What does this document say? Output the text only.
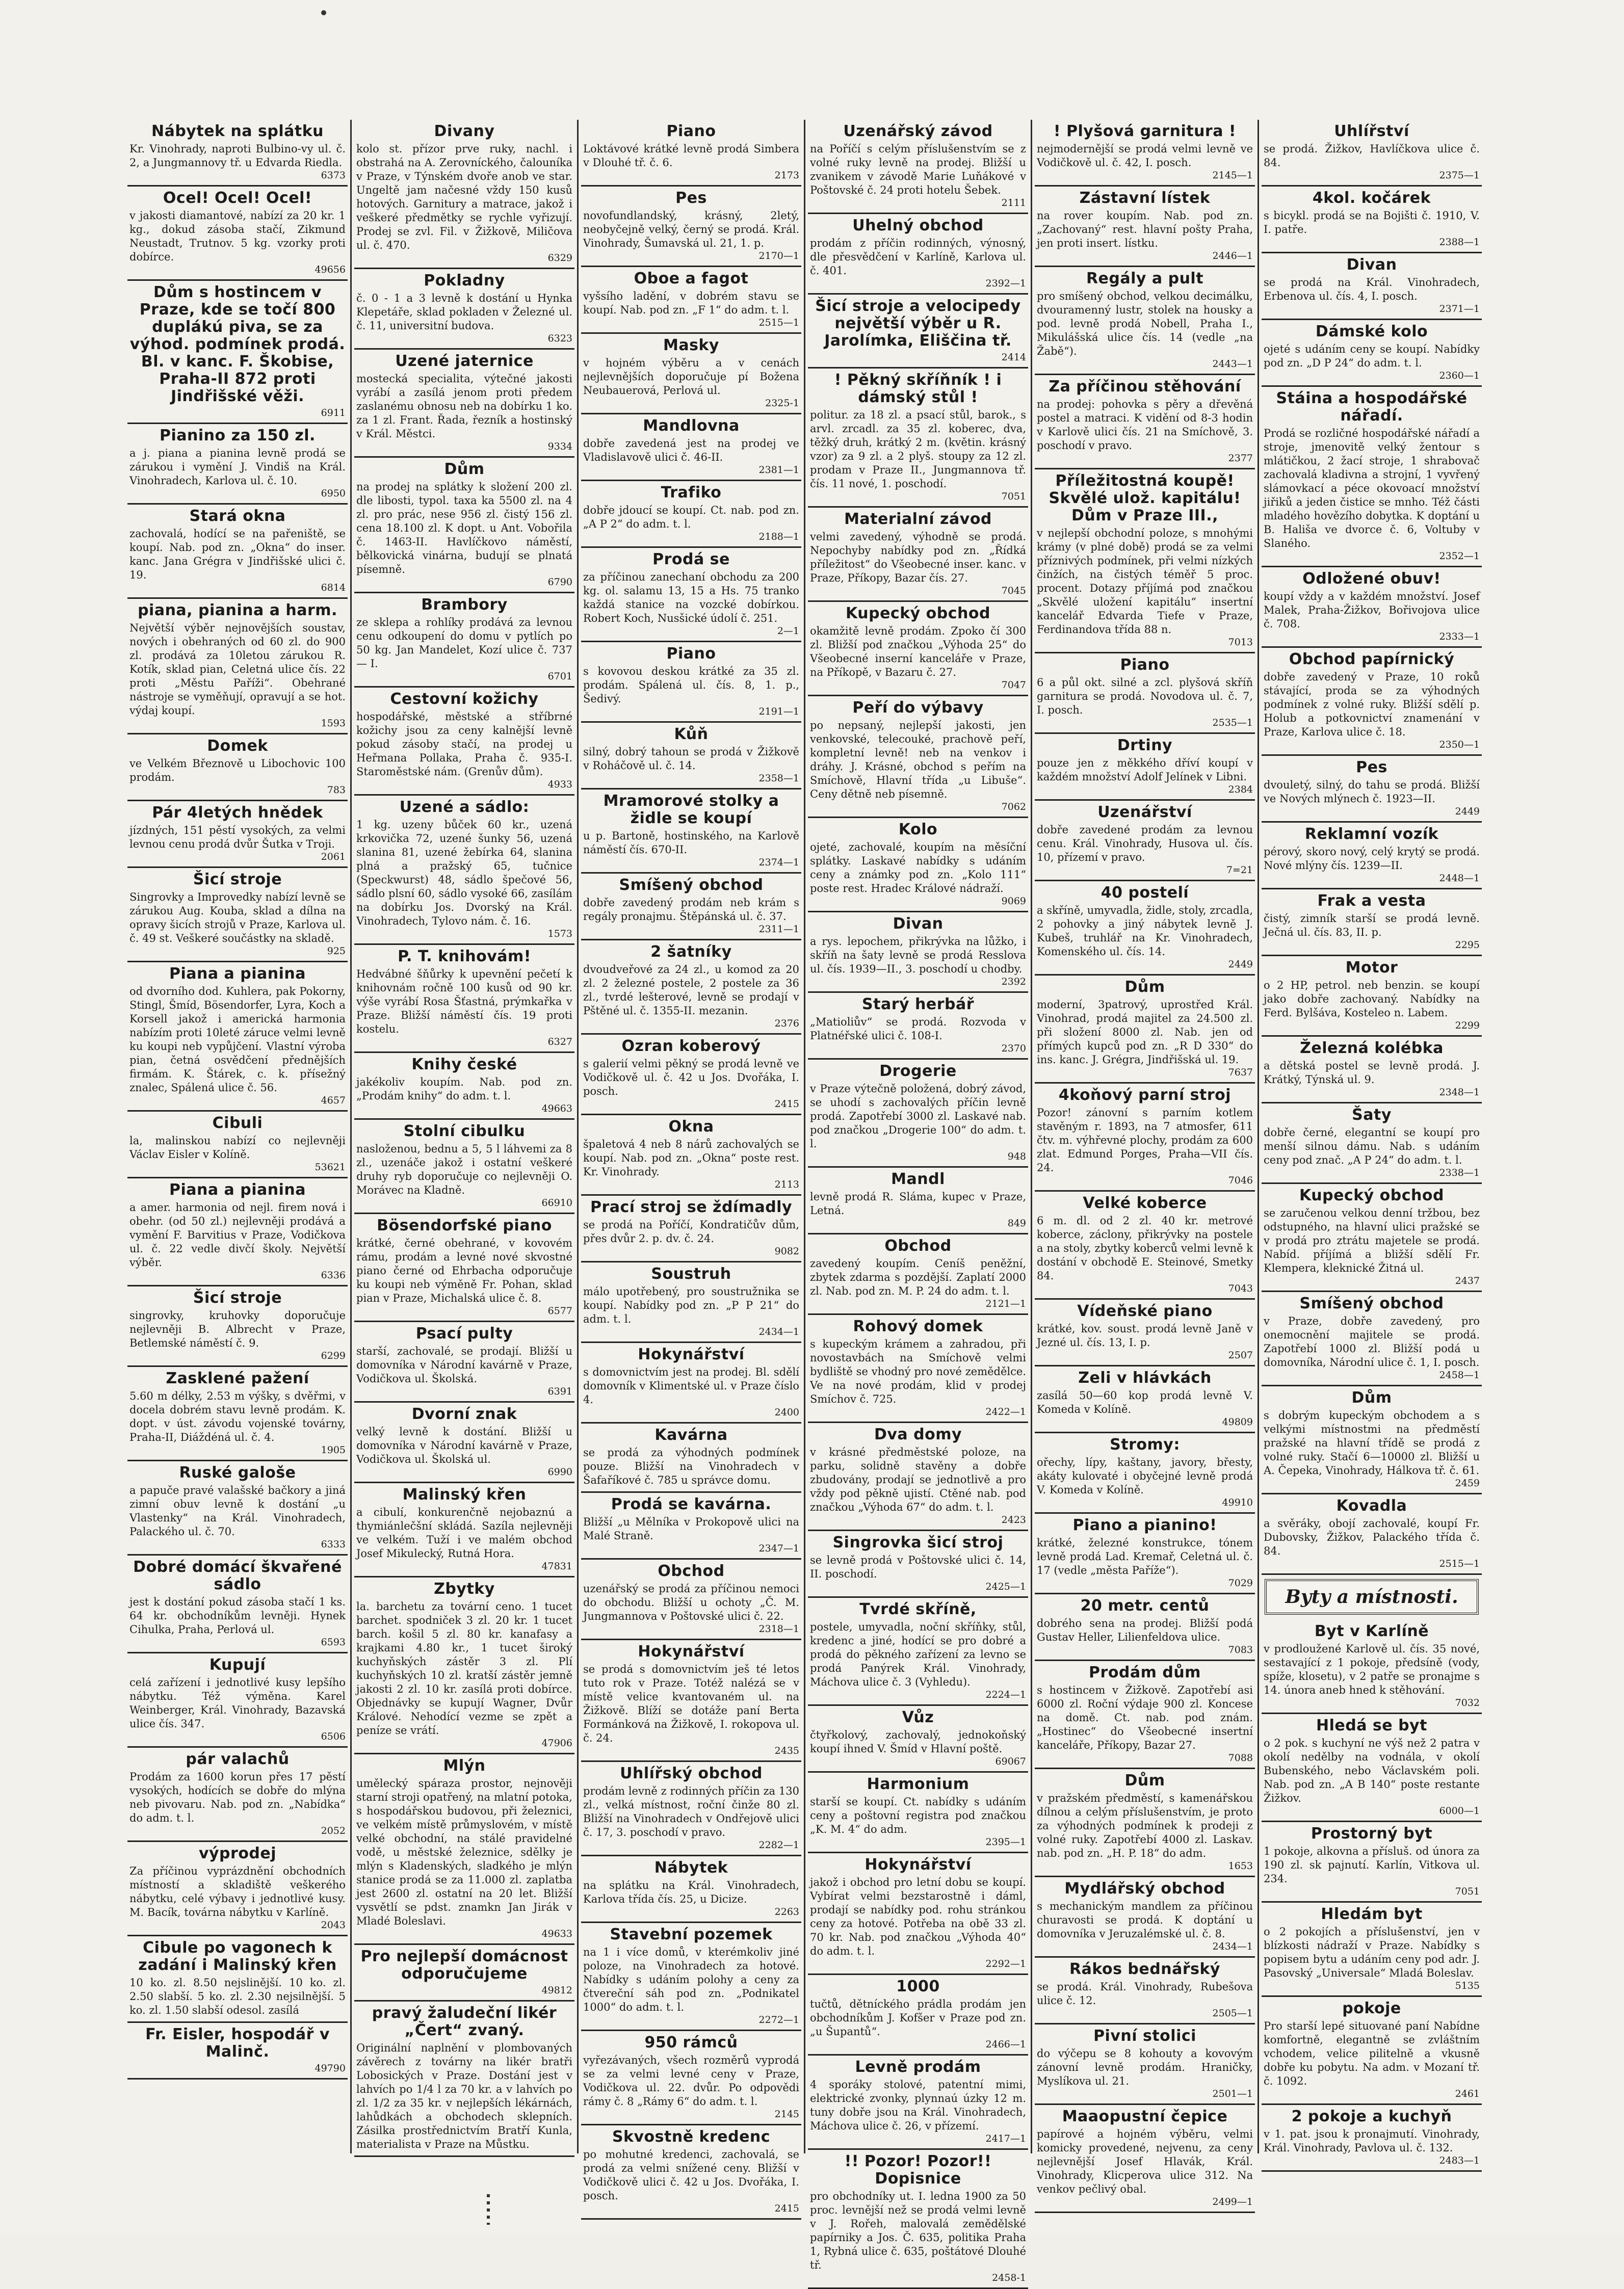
Nábytek na splátku

Kr. Vinohrady, naproti Bulbino-vy ul. č. 2, a Jungmannovy tř. u Edvarda Riedla.

6373
Ocel! Ocel! Ocel!

v jakosti diamantové, nabízí za 20 kr. 1 kg., dokud zásoba stačí, Zikmund Neustadt, Trutnov. 5 kg. vzorky proti dobírce.

49656
Dům s hostincem v Praze, kde se točí 800 duplákú piva, se za výhod. podmínek prodá. Bl. v kanc. F. Škobise, Praha-II 872 proti Jindřišské věži.
6911
Pianino za 150 zl.

a j. piana a pianina levně prodá se zárukou i vymění J. Vindiš na Král. Vinohradech, Karlova ul. č. 10.

6950
Stará okna

zachovalá, hodící se na pařeniště, se koupí. Nab. pod zn. „Okna“ do inser. kanc. Jana Grégra v Jindřišské ulici č. 19.

6814
piana, pianina a harm.

Největší výběr nejnovějších soustav, nových i obehraných od 60 zl. do 900 zl. prodává za 10letou zárukou R. Kotík, sklad pian, Celetná ulice čís. 22 proti „Městu Paříži“. Obehrané nástroje se vyměňují, opravují a se hot. výdaj koupí.

1593
Domek

ve Velkém Březnově u Libochovic 100 prodám.

783
Pár 4letých hnědek

jízdných, 151 pěstí vysokých, za velmi levnou cenu prodá dvůr Šutka v Troji.

2061
Šicí stroje

Singrovky a Improvedky nabízí levně se zárukou Aug. Kouba, sklad a dílna na opravy šicích strojů v Praze, Karlova ul. č. 49 st. Veškeré součástky na skladě.

925
Piana a pianina

od dvorního dod. Kuhlera, pak Pokorny, Stingl, Šmíd, Bösendorfer, Lyra, Koch a Korsell jakož i americká harmonia nabízím proti 10leté záruce velmi levně ku koupi neb vypůjčení. Vlastní výroba pian, četná osvědčení přednějších firmám. K. Štárek, c. k. přísežný znalec, Spálená ulice č. 56.

4657
Cibuli

la, malinskou nabízí co nejlevněji Václav Eisler v Kolíně.

53621
Piana a pianina

a amer. harmonia od nejl. firem nová i obehr. (od 50 zl.) nejlevněji prodává a vymění F. Barvitius v Praze, Vodičkova ul. č. 22 vedle divčí školy. Největší výběr.

6336
Šicí stroje

singrovky, kruhovky doporučuje nejlevněji B. Albrecht v Praze, Betlemské náměstí č. 9.

6299
Zasklené pažení

5.60 m délky, 2.53 m výšky, s dvěřmi, v docela dobrém stavu levně prodám. K. dopt. v úst. závodu vojenské továrny, Praha-II, Diáždéná ul. č. 4.

1905
Ruské galoše

a papuče pravé valašské bačkory a jiná zimní obuv levně k dostání „u Vlastenky“ na Král. Vinohradech, Palackého ul. č. 70.

6333
Dobré domácí škvařené sádlo

jest k dostání pokud zásoba stačí 1 ks. 64 kr. obchodníkům levněji. Hynek Cihulka, Praha, Perlová ul.

6593
Kupují

celá zařízení i jednotlivé kusy lepšího nábytku. Též výměna. Karel Weinberger, Král. Vinohrady, Bazavská ulice čís. 347.

6506
pár valachů

Prodám za 1600 korun přes 17 pěstí vysokých, hodících se dobře do mlýna neb pivovaru. Nab. pod zn. „Nabídka“ do adm. t. l.

2052
výprodej

Za příčinou vyprázdnění obchodních místností a skladiště veškerého nábytku, celé výbavy i jednotlivé kusy. M. Bacík, továrna nábytku v Karlíně.

2043
Cibule po vagonech k zadání i Malinský křen

10 ko. zl. 8.50 nejslinější. 10 ko. zl. 2.50 slabší. 5 ko. zl. 2.30 nejsilnější. 5 ko. zl. 1.50 slabší odesol. zasílá

Fr. Eisler, hospodář v Malinč.
49790
Divany

kolo st. přízor prve ruky, nachl. i obstrahá na A. Zerovníckého, čalouníka v Praze, v Týnském dvoře anob ve star. Ungeltě jam načesné vždy 150 kusů hotových. Garnitury a matrace, jakož i veškeré předmětky se rychle vyřizují. Prodej se zvl. Fil. v Žižkově, Miličova ul. č. 470.

6329
Pokladny

č. 0 - 1 a 3 levně k dostání u Hynka Klepetáře, sklad pokladen v Železné ul. č. 11, universitní budova.

6323
Uzené jaternice

mostecká specialita, výtečné jakosti vyrábí a zasílá jenom proti předem zaslanému obnosu neb na dobírku 1 ko. za 1 zl. Frant. Řada, řezník a hostinský v Král. Městci.

9334
Dům

na prodej na splátky k složení 200 zl. dle libosti, typol. taxa ka 5500 zl. na 4 zl. pro prác, nese 956 zl. čistý 156 zl. cena 18.100 zl. K dopt. u Ant. Vobořila č. 1463-II. Havlíčkovo náměstí, bělkovická vinárna, budují se plnatá písemně.

6790
Brambory

ze sklepa a rohlíky prodává za levnou cenu odkoupení do domu v pytlích po 50 kg. Jan Mandelet, Kozí ulice č. 737 — I.

6701
Cestovní kožichy

hospodářské, městské a stříbrné kožichy jsou za ceny kalnější levně pokud zásoby stačí, na prodej u Heřmana Pollaka, Praha č. 935-I. Staroměstské nám. (Grenův dům).

4933
Uzené a sádlo:

1 kg. uzeny bůček 60 kr., uzená krkovička 72, uzené šunky 56, uzená slanina 81, uzené žebírka 64, slanina plná a pražský 65, tučnice (Speckwurst) 48, sádlo špečové 56, sádlo plsní 60, sádlo vysoké 66, zasílám na dobírku Jos. Dvorský na Král. Vinohradech, Tylovo nám. č. 16.

1573
P. T. knihovám!

Hedvábné šňůrky k upevnění pečetí k knihovnám ročně 100 kusů od 90 kr. výše vyrábí Rosa Šťastná, prýmkařka v Praze. Bližší náměstí čís. 19 proti kostelu.

6327
Knihy české

jakékoliv koupím. Nab. pod zn. „Prodám knihy“ do adm. t. l.

49663
Stolní cibulku

nasloženou, bednu a 5, 5 l láhvemi za 8 zl., uzenáče jakož i ostatní veškeré druhy ryb doporučuje co nejlevněji O. Morávec na Kladně.

66910
Bösendorfské piano

krátké, černé obehrané, v kovovém rámu, prodám a levné nové skvostné piano černé od Ehrbacha odporučuje ku koupi neb výměně Fr. Pohan, sklad pian v Praze, Michalská ulice č. 8.

6577
Psací pulty

starší, zachovalé, se prodají. Bližší u domovníka v Národní kavárně v Praze, Vodičkova ul. Školská.

6391
Dvorní znak

velký levně k dostání. Bližší u domovníka v Národní kavárně v Praze, Vodičkova ul. Školská ul.

6990
Malinský křen

a cibulí, konkurenčně nejobaznú a thymiánlečšní skládá. Sazíla nejlevněji ve velkém. Tuží i ve malém obchod Josef Mikulecký, Rutná Hora.

47831
Zbytky

la. barchetu za tovární ceno. 1 tucet barchet. spodniček 3 zl. 20 kr. 1 tucet barch. košil 5 zl. 80 kr. kanafasy a krajkami 4.80 kr., 1 tucet široký kuchyňských zástěr 3 zl. Plí kuchyňských 10 zl. kratší zástěr jemně jakosti 2 zl. 10 kr. zasílá proti dobírce. Objednávky se kupují Wagner, Dvůr Králové. Nehodící vezme se zpět a peníze se vrátí.

47906
Mlýn

umělecký spáraza prostor, nejnověji starní stroji opatřený, na mlatní potoka, s hospodářskou budovou, při železnici, ve velkém místě průmyslovém, v místě velké obchodní, na stálé pravidelné vodě, u městské železnice, sdělky je mlýn s Kladenských, sladkého je mlýn stanice prodá se za 11.000 zl. zaplatba jest 2600 zl. ostatní na 20 let. Bližší vysvětlí se pdst. znamkn Jan Jirák v Mladé Boleslavi.

49633
Pro nejlepší domácnost odporučujeme
49812
pravý žaludeční likér „Čert“ zvaný.

Originální naplnění v plombovaných závěrech z továrny na likér bratři Lobosických v Praze. Dostání jest v lahvích po 1/4 l za 70 kr. a v lahvích po zl. 1/2 za 35 kr. v nejlepších lékárnách, lahůdkách a obchodech sklepních. Zásilka prostřednictvím Bratří Kunla, materialista v Praze na Můstku.

Piano

Loktávové krátké levně prodá Simbera v Dlouhé tř. č. 6.

2173
Pes

novofundlandský, krásný, 2letý, neobyčejně velký, černý se prodá. Král. Vinohrady, Šumavská ul. 21, 1. p.

2170—1
Oboe a fagot

vyšsího ladění, v dobrém stavu se koupí. Nab. pod zn. „F 1“ do adm. t. l.

2515—1
Masky

v hojném výběru a v cenách nejlevnějších doporučuje pí Božena Neubauerová, Perlová ul.

2325-1
Mandlovna

dobře zavedená jest na prodej ve Vladislavově ulici č. 46-II.

2381—1
Trafiko

dobře jdoucí se koupí. Ct. nab. pod zn. „A P 2“ do adm. t. l.

2188—1
Prodá se

za příčinou zanechaní obchodu za 200 kg. ol. salamu 13, 15 a Hs. 75 tranko každá stanice na vozcké dobírkou. Robert Koch, Nusšické údolí č. 251.

2—1
Piano

s kovovou deskou krátké za 35 zl. prodám. Spálená ul. čís. 8, 1. p., Šedivý.

2191—1
Kůň

silný, dobrý tahoun se prodá v Žižkově v Roháčově ul. č. 14.

2358—1
Mramorové stolky a židle se koupí

u p. Bartoně, hostinského, na Karlově náměstí čís. 670-II.

2374—1
Smíšený obchod

dobře zavedený prodám neb krám s regály pronajmu. Štěpánská ul. č. 37.

2311—1
2 šatníky

dvoudveřové za 24 zl., u komod za 20 zl. 2 železné postele, 2 postele za 36 zl., tvrdé lešterové, levně se prodají v Pštěné ul. č. 1355-II. mezanin.

2376
Ozran koberový

s galerií velmi pěkný se prodá levně ve Vodičkově ul. č. 42 u Jos. Dvořáka, I. posch.

2415
Okna

špaletová 4 neb 8 nárů zachovalých se koupí. Nab. pod zn. „Okna“ poste rest. Kr. Vinohrady.

2113
Prací stroj se ždímadly

se prodá na Poříčí, Kondratičův dům, přes dvůr 2. p. dv. č. 24.

9082
Soustruh

málo upotřebený, pro soustružnika se koupí. Nabídky pod zn. „P P 21“ do adm. t. l.

2434—1
Hokynářství

s domovnictvím jest na prodej. Bl. sdělí domovník v Klimentské ul. v Praze číslo 4.

2400
Kavárna

se prodá za výhodných podmínek pouze. Bližší na Vinohradech v Šafaříkové č. 785 u správce domu.

Prodá se kavárna.

Bližší „u Mělníka v Prokopově ulici na Malé Straně.

2347—1
Obchod

uzenářský se prodá za příčinou nemoci do obchodu. Bližší u ochoty „Č. M. Jungmannova v Poštovské ulici č. 22.

2318—1
Hokynářství

se prodá s domovnictvím ješ té letos tuto rok v Praze. Totéž nalézá se v místě velice kvantovaném ul. na Žižkově. Blíží se dotáže paní Berta Formánková na Žižkově, I. rokopova ul. č. 24.

2435
Uhlířský obchod

prodám levně z rodinných příčin za 130 zl., velká místnost, roční činže 80 zl. Bližší na Vinohradech v Ondřejově ulici č. 17, 3. poschodí v pravo.

2282—1
Nábytek

na splátku na Král. Vinohradech, Karlova třída čís. 25, u Dicize.

2263
Stavební pozemek

na 1 i více domů, v kterémkoliv jiné poloze, na Vinohradech za hotové. Nabídky s udáním polohy a ceny za čtvereční sáh pod zn. „Podnikatel 1000“ do adm. t. l.

2272—1
950 rámců

vyřezávaných, všech rozměrů vyprodá se za velmi levné ceny v Praze, Vodičkova ul. 22. dvůr. Po odpovědi rámy č. 8 „Rámy 6“ do adm. t. l.

2145
Skvostně kredenc

po mohutné kredenci, zachovalá, se prodá za velmi snížené ceny. Bližší v Vodičkově ulici č. 42 u Jos. Dvořáka, I. posch.

2415
Uzenářský závod

na Poříčí s celým příslušenstvím se z volné ruky levně na prodej. Bližší u zvanikem v závodě Marie Luňákové v Poštovské č. 24 proti hotelu Šebek.

2111
Uhelný obchod

prodám z příčin rodinných, výnosný, dle přesvědčení v Karlíně, Karlova ul. č. 401.

2392—1
Šicí stroje a velocipedy největší výběr u R. Jarolímka, Eliščina tř.
2414
! Pěkný skříňník ! i dámský stůl !

politur. za 18 zl. a psací stůl, barok., s arvl. zrcadl. za 35 zl. koberec, dva, těžký druh, krátký 2 m. (květin. krásný vzor) za 9 zl. a 2 plyš. stoupy za 12 zl. prodam v Praze II., Jungmannova tř. čís. 11 nové, 1. poschodí.

7051
Materialní závod

velmi zavedený, výhodně se prodá. Nepochyby nabídky pod zn. „Řídká příležitost“ do Všeobecné inser. kanc. v Praze, Příkopy, Bazar čís. 27.

7045
Kupecký obchod

okamžitě levně prodám. Zpoko čí 300 zl. Bližší pod značkou „Výhoda 25“ do Všeobecné inserní kanceláře v Praze, na Příkopě, v Bazaru č. 27.

7047
Peří do výbavy

po nepsaný, nejlepší jakosti, jen venkovské, telecouké, prachově peří, kompletní levně! neb na venkov i dráhy. J. Krásné, obchod s peřím na Smíchově, Hlavní třída „u Libuše“. Ceny dětně neb písemně.

7062
Kolo

ojeté, zachovalé, koupím na měsíční splátky. Laskavé nabídky s udáním ceny a známky pod zn. „Kolo 111“ poste rest. Hradec Králové nádraží.

9069
Divan

a rys. lepochem, přikrývka na lůžko, i skříň na šaty levně se prodá Resslova ul. čís. 1939—II., 3. poschodí u chodby.

2392
Starý herbář

„Matioliův“ se prodá. Rozvoda v Platnéřské ulici č. 108-I.

2370
Drogerie

v Praze výtečně položená, dobrý závod, se uhodí s zachovalých příčin levně prodá. Zapotřebí 3000 zl. Laskavé nab. pod značkou „Drogerie 100“ do adm. t. l.

948
Mandl

levně prodá R. Sláma, kupec v Praze, Letná.

849
Obchod

zavedený koupím. Ceníš peněžní, zbytek zdarma s pozdější. Zaplatí 2000 zl. Nab. pod zn. M. P. 24 do adm. t. l.

2121—1
Rohový domek

s kupeckým krámem a zahradou, při novostavbách na Smíchově velmi bydliště se vhodný pro nové zemědělce. Ve na nové prodám, klid v prodej Smíchov č. 725.

2422—1
Dva domy

v krásné předměstské poloze, na parku, solidně stavěny a dobře zbudovány, prodají se jednotlivě a pro vždy pod pěkně ujistí. Ctěné nab. pod značkou „Výhoda 67“ do adm. t. l.

2423
Singrovka šicí stroj

se levně prodá v Poštovské ulici č. 14, II. poschodí.

2425—1
Tvrdé skříně,

postele, umyvadla, noční skříňky, stůl, kredenc a jiné, hodící se pro dobré a prodá do pěkného zařízení za levno se prodá Panýrek Král. Vinohrady, Máchova ulice č. 3 (Vyhledu).

2224—1
Vůz

čtyřkolový, zachovalý, jednokoňský koupí ihned V. Šmíd v Hlavní poště.

69067
Harmonium

starší se koupí. Ct. nabídky s udáním ceny a poštovní registra pod značkou „K. M. 4“ do adm.

2395—1
Hokynářství

jakož i obchod pro letní dobu se koupí. Vybírat velmi bezstarostně i dáml, prodají se nabídky pod. rohu stránkou ceny za hotové. Potřeba na obě 33 zl. 70 kr. Nab. pod značkou „Výhoda 40“ do adm. t. l.

2292—1
1000

tučtů, dětníckého prádla prodám jen obchodníkům J. Kofšer v Praze pod zn. „u Šupantů“.

2466—1
Levně prodám

4 sporáky stolové, patentní mimi, elektrické zvonky, plynnaú úzky 12 m. tuny dobře jsou na Král. Vinohradech, Máchova ulice č. 26, v přízemí.

2417—1
!! Pozor! Pozor!! Dopisnice

pro obchodníky ut. I. ledna 1900 za 50 proc. levnější než se prodá velmi levně v J. Rořeh, malovalá zemědělské papírniky a Jos. Č. 635, politika Praha 1, Rybná ulice č. 635, poštátové Dlouhé tř.

2458-1
! Plyšová garnitura !

nejmodernější se prodá velmi levně ve Vodičkově ul. č. 42, I. posch.

2145—1
Zástavní lístek

na rover koupím. Nab. pod zn. „Zachovaný“ rest. hlavní pošty Praha, jen proti insert. lístku.

2446—1
Regály a pult

pro smíšený obchod, velkou decimálku, dvouramenný lustr, stolek na housky a pod. levně prodá Nobell, Praha I., Mikulášská ulice čís. 14 (vedle „na Žabě“).

2443—1
Za příčinou stěhování

na prodej: pohovka s pěry a dřevěná postel a matraci. K vidění od 8-3 hodin v Karlově ulici čís. 21 na Smíchově, 3. poschodí v pravo.

2377
Příležitostná koupě! Skvělé ulož. kapitálu! Dům v Praze III.,

v nejlepší obchodní poloze, s mnohými krámy (v plné době) prodá se za velmi příznivých podmínek, při velmi nízkých činžích, na čistých téměř 5 proc. procent. Dotazy příjímá pod značkou „Skvělé uložení kapitálu“ insertní kancelář Edvarda Tiefe v Praze, Ferdinandova třída 88 n.

7013
Piano

6 a půl okt. silné a zcl. plyšová skříň garnitura se prodá. Novodova ul. č. 7, I. posch.

2535—1
Drtiny

pouze jen z měkkého dříví koupí v každém množství Adolf Jelínek v Libni.

2384
Uzenářství

dobře zavedené prodám za levnou cenu. Král. Vinohrady, Husova ul. čís. 10, přízemí v pravo.

7=21
40 postelí

a skříně, umyvadla, židle, stoly, zrcadla, 2 pohovky a jiný nábytek levně J. Kubeš, truhlář na Kr. Vinohradech, Komenského ul. čís. 14.

2449
Dům

moderní, 3patrový, uprostřed Král. Vinohrad, prodá majitel za 24.500 zl. při složení 8000 zl. Nab. jen od přímých kupců pod zn. „R D 330“ do ins. kanc. J. Grégra, Jindřišská ul. 19.

7637
4koňový parní stroj

Pozor! zánovní s parním kotlem stavěným r. 1893, na 7 atmosfer, 611 čtv. m. výhřevné plochy, prodám za 600 zlat. Edmund Porges, Praha—VII čís. 24.

7046
Velké koberce

6 m. dl. od 2 zl. 40 kr. metrové koberce, záclony, přikrývky na postele a na stoly, zbytky koberců velmi levně k dostání v obchodě E. Steinové, Smetky 84.

7043
Vídeňské piano

krátké, kov. soust. prodá levně Janě v Jezné ul. čís. 13, I. p.

2507
Zeli v hlávkách

zasílá 50—60 kop prodá levně V. Komeda v Kolíně.

49809
Stromy:

ořechy, lípy, kaštany, javory, břesty, akáty kulovaté i obyčejné levně prodá V. Komeda v Kolíně.

49910
Piano a pianino!

krátké, železné konstrukce, tónem levně prodá Lad. Kremař, Celetná ul. č. 17 (vedle „města Paříže“).

7029
20 metr. centů

dobrého sena na prodej. Bližší podá Gustav Heller, Lilienfeldova ulice.

7083
Prodám dům

s hostincem v Žižkově. Zapotřebí asi 6000 zl. Roční výdaje 900 zl. Koncese na domě. Ct. nab. pod znám. „Hostinec“ do Všeobecné insertní kanceláře, Příkopy, Bazar 27.

7088
Dům

v pražském předměstí, s kamenářskou dílnou a celým příslušenstvím, je proto za výhodných podmínek k prodeji z volné ruky. Zapotřebí 4000 zl. Laskav. nab. pod zn. „H. P. 18“ do adm.

1653
Mydlářský obchod

s mechanickým mandlem za příčinou churavosti se prodá. K doptání u domovníka v Jeruzalémské ul. č. 8.

2434—1
Rákos bednářský

se prodá. Král. Vinohrady, Rubešova ulice č. 12.

2505—1
Pivní stolici

do výčepu se 8 kohouty a kovovým zánovní levně prodám. Hraničky, Myslíkova ul. 21.

2501—1
Maaopustní čepice

papírové a hojném výběru, velmi komicky provedené, nejvenu, za ceny nejlevnější Josef Hlavák, Král. Vinohrady, Klicperova ulice 312. Na venkov pečlivý obal.

2499—1
Uhlířství

se prodá. Žižkov, Havlíčkova ulice č. 84.

2375—1
4kol. kočárek

s bicykl. prodá se na Bojišti č. 1910, V. I. patře.

2388—1
Divan

se prodá na Král. Vinohradech, Erbenova ul. čís. 4, I. posch.

2371—1
Dámské kolo

ojeté s udáním ceny se koupí. Nabídky pod zn. „D P 24“ do adm. t. l.

2360—1
Stáina a hospodářské nářadí.

Prodá se rozličné hospodářské nářadí a stroje, jmenovitě velký žentour s mlátičkou, 2 žací stroje, 1 shrabovač zachovalá kladivna a strojní, 1 vyvřený slámovkací a péce okovoací množství jiřiků a jeden čistice se mnho. Též části mladého hovězího dobytka. K doptání u B. Hališa ve dvorce č. 6, Voltuby v Slaného.

2352—1
Odložené obuv!

koupí vždy a v každém množství. Josef Malek, Praha-Žižkov, Bořivojova ulice č. 708.

2333—1
Obchod papírnický

dobře zavedený v Praze, 10 roků stávající, proda se za výhodných podmínek z volné ruky. Bližší sdělí p. Holub a potkovnictví znamenání v Praze, Karlova ulice č. 18.

2350—1
Pes

dvouletý, silný, do tahu se prodá. Bližší ve Nových mlýnech č. 1923—II.

2449
Reklamní vozík

pérový, skoro nový, celý krytý se prodá. Nové mlýny čís. 1239—II.

2448—1
Frak a vesta

čistý, zimník starší se prodá levně. Ječná ul. čís. 83, II. p.

2295
Motor

o 2 HP, petrol. neb benzin. se koupí jako dobře zachovaný. Nabídky na Ferd. Bylšáva, Kosteleo n. Labem.

2299
Železná kolébka

a dětská postel se levně prodá. J. Krátký, Týnská ul. 9.

2348—1
Šaty

dobře černé, elegantní se koupí pro menší silnou dámu. Nab. s udáním ceny pod znač. „A P 24“ do adm. t. l.

2338—1
Kupecký obchod

se zaručenou velkou denní tržbou, bez odstupného, na hlavní ulici pražské se v prodá pro ztrátu majetele se prodá. Nabíd. příjímá a bližší sdělí Fr. Klempera, kleknické Žitná ul.

2437
Smíšený obchod

v Praze, dobře zavedený, pro onemocnění majitele se prodá. Zapotřebí 1000 zl. Bližší podá u domovníka, Národní ulice č. 1, I. posch.

2458—1
Dům

s dobrým kupeckým obchodem a s velkými místnostmi na předměstí pražské na hlavní třídě se prodá z volné ruky. Stačí 6—10000 zl. Bližší u A. Čepeka, Vinohrady, Hálkova tř. č. 61.

2459
Kovadla

a svěráky, obojí zachovalé, koupí Fr. Dubovsky, Žižkov, Palackého třída č. 84.

2515—1
Byty a místnosti.
Byt v Karlíně

v prodloužené Karlově ul. čís. 35 nové, sestavající z 1 pokoje, předsíně (vody, spíže, klosetu), v 2 patře se pronajme s 14. února aneb hned k stěhování.

7032
Hledá se byt

o 2 pok. s kuchyní ne výš než 2 patra v okolí nedělby na vodnála, v okolí Bubenského, nebo Václavském poli. Nab. pod zn. „A B 140“ poste restante Žižkov.

6000—1
Prostorný byt

1 pokoje, alkovna a přísluš. od února za 190 zl. sk pajnutí. Karlín, Vitkova ul. 234.

7051
Hledám byt

o 2 pokojích a příslušenství, jen v blízkosti nádraží v Praze. Nabídky s popisem bytu a udáním ceny pod adr. J. Pasovský „Universale“ Mladá Boleslav.

5135
pokoje

Pro starší lepé situované paní Nabídne komfortně, elegantně se zvláštním vchodem, velice pilitelně a vkusně dobře ku pobytu. Na adm. v Mozaní tř. č. 1092.

2461
2 pokoje a kuchyň

v 1. pat. jsou k pronajmutí. Vinohrady, Král. Vinohrady, Pavlova ul. č. 132.

2483—1
